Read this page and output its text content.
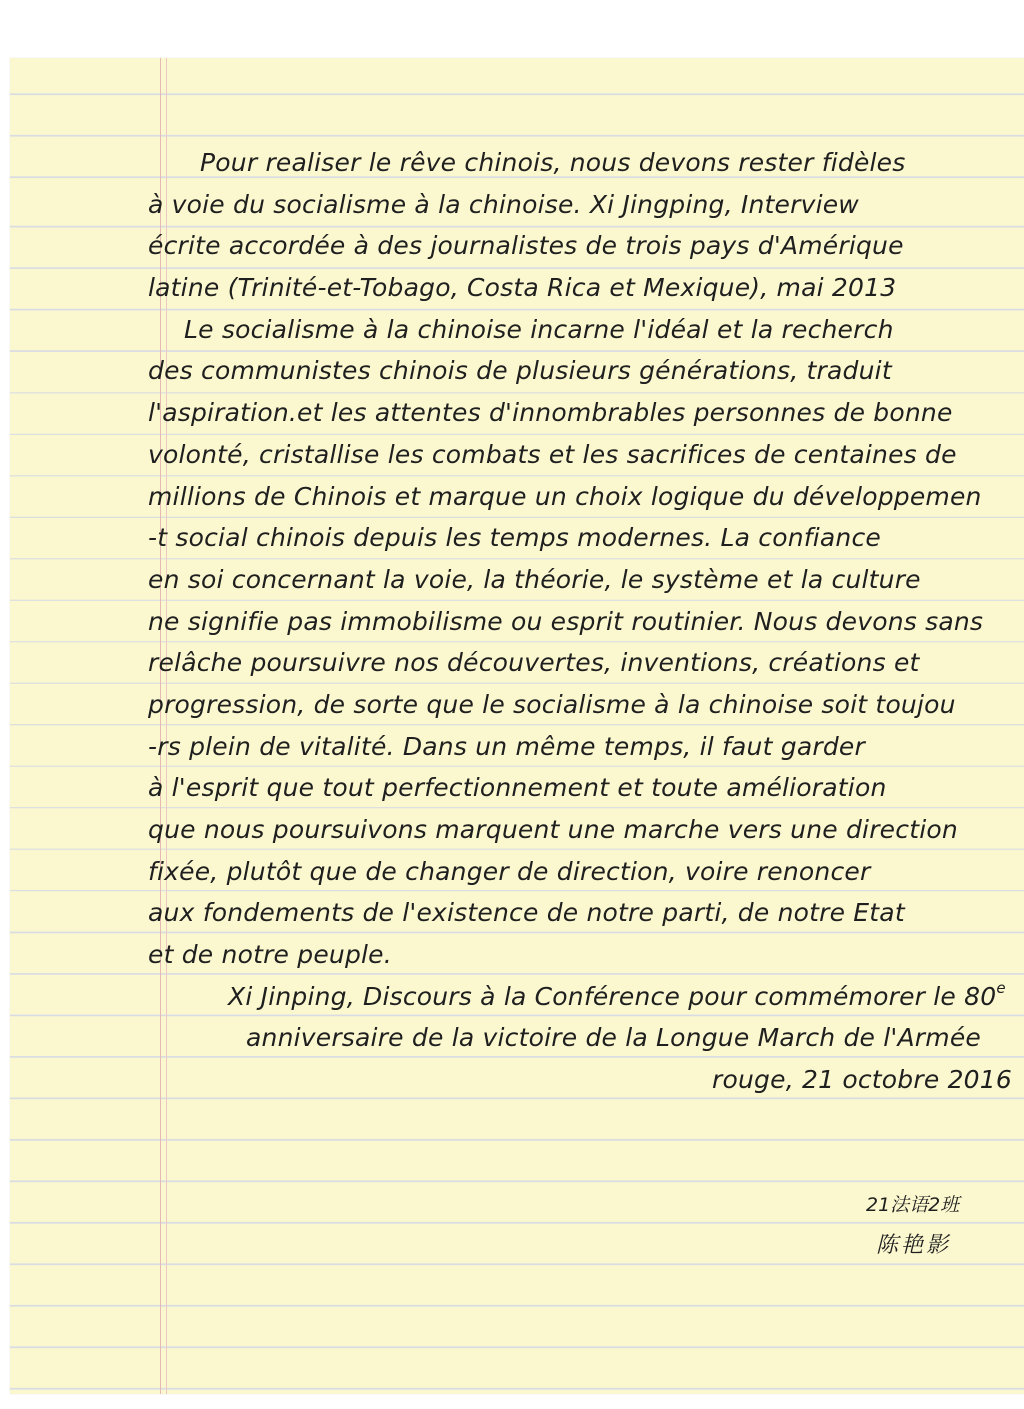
Pour realiser le rêve chinois, nous devons rester fidèles
à voie du socialisme à la chinoise. Xi Jingping, Interview
écrite accordée à des journalistes de trois pays d'Amérique
latine (Trinité-et-Tobago, Costa Rica et Mexique), mai 2013
Le socialisme à la chinoise incarne l'idéal et la recherch
des communistes chinois de plusieurs générations, traduit
l'aspiration.et les attentes d'innombrables personnes de bonne
volonté, cristallise les combats et les sacrifices de centaines de
millions de Chinois et marque un choix logique du développemen
-t social chinois depuis les temps modernes. La confiance
en soi concernant la voie, la théorie, le système et la culture
ne signifie pas immobilisme ou esprit routinier. Nous devons sans
relâche poursuivre nos découvertes, inventions, créations et
progression, de sorte que le socialisme à la chinoise soit toujou
-rs plein de vitalité. Dans un même temps, il faut garder
à l'esprit que tout perfectionnement et toute amélioration
que nous poursuivons marquent une marche vers une direction
fixée, plutôt que de changer de direction, voire renoncer
aux fondements de l'existence de notre parti, de notre Etat
et de notre peuple.
Xi Jinping, Discours à la Conférence pour commémorer le 80e
anniversaire de la victoire de la Longue March de l'Armée
rouge, 21 octobre 2016
21法语2班
陈艳影
